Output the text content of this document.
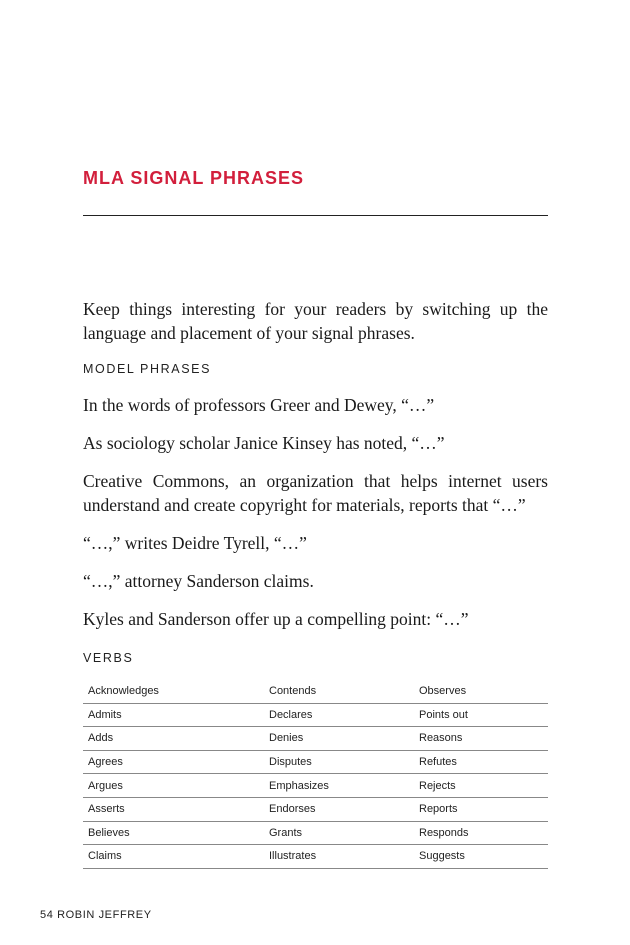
MLA SIGNAL PHRASES

Keep things interesting for your readers by switching up the language and placement of your signal phrases.

MODEL PHRASES
In the words of professors Greer and Dewey, “…”
As sociology scholar Janice Kinsey has noted, “…”
Creative Commons, an organization that helps internet users understand and create copyright for materials, reports that “…”
“…,” writes Deidre Tyrell, “…”
“…,” attorney Sanderson claims.
Kyles and Sanderson offer up a compelling point: “…”
VERBS
Acknowledges	Contends	Observes
Admits	Declares	Points out
Adds	Denies	Reasons
Agrees	Disputes	Refutes
Argues	Emphasizes	Rejects
Asserts	Endorses	Reports
Believes	Grants	Responds
Claims	Illustrates	Suggests
54 ROBIN JEFFREY
